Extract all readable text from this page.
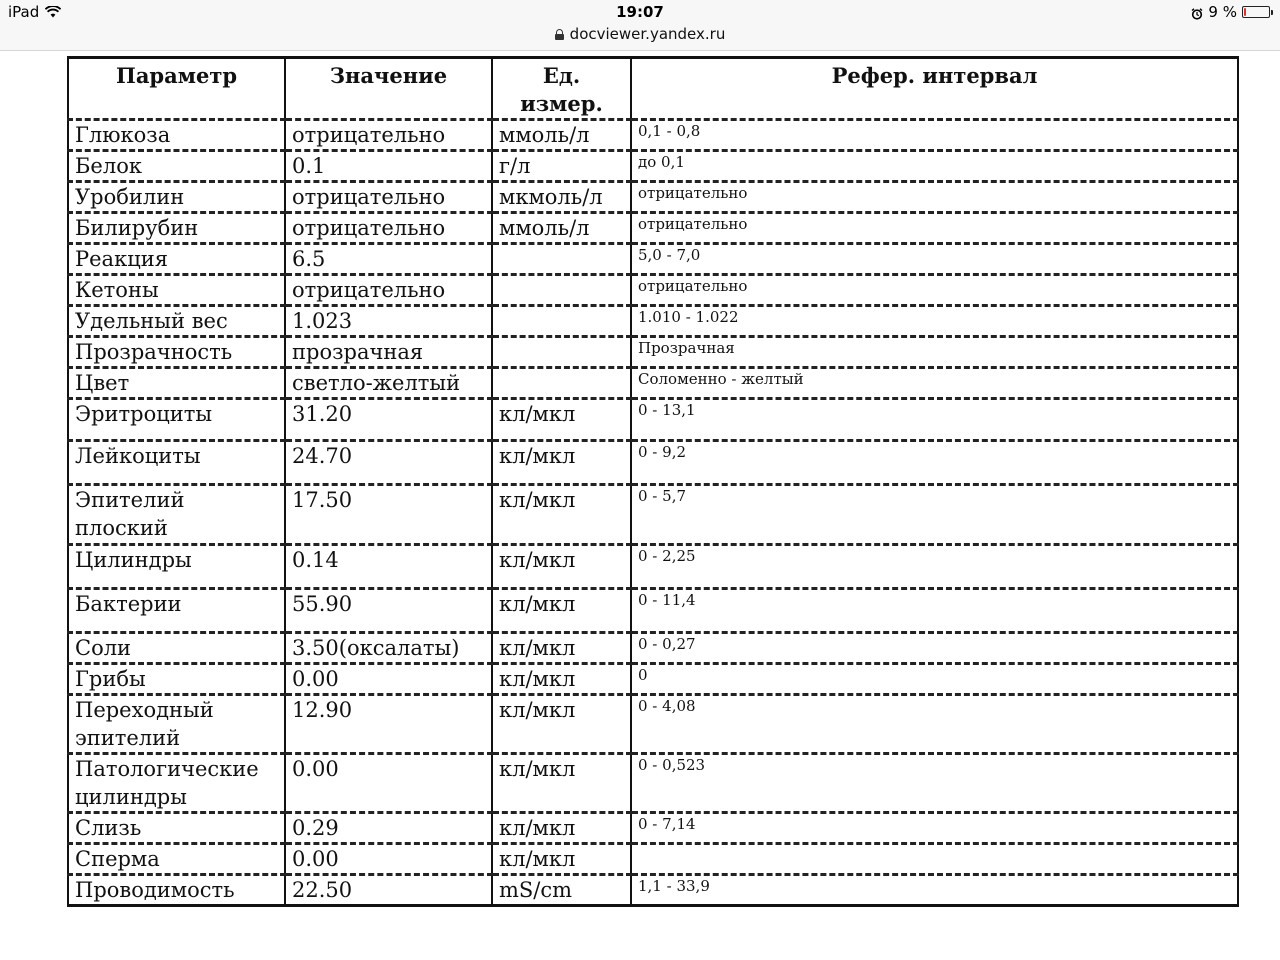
iPad	19:07	9 %
docviewer.yandex.ru
Параметр	Значение	Ед. измер.	Рефер. интервал
Глюкоза	отрицательно	ммоль/л	0,1 - 0,8
Белок	0.1	г/л	до 0,1
Уробилин	отрицательно	мкмоль/л	отрицательно
Билирубин	отрицательно	ммоль/л	отрицательно
Реакция	6.5		5,0 - 7,0
Кетоны	отрицательно		отрицательно
Удельный вес	1.023		1.010 - 1.022
Прозрачность	прозрачная		Прозрачная
Цвет	светло-желтый		Соломенно - желтый
Эритроциты	31.20	кл/мкл	0 - 13,1
Лейкоциты	24.70	кл/мкл	0 - 9,2
Эпителий плоский	17.50	кл/мкл	0 - 5,7
Цилиндры	0.14	кл/мкл	0 - 2,25
Бактерии	55.90	кл/мкл	0 - 11,4
Соли	3.50(оксалаты)	кл/мкл	0 - 0,27
Грибы	0.00	кл/мкл	0
Переходный эпителий	12.90	кл/мкл	0 - 4,08
Патологические цилиндры	0.00	кл/мкл	0 - 0,523
Слизь	0.29	кл/мкл	0 - 7,14
Сперма	0.00	кл/мкл	
Проводимость	22.50	mS/cm	1,1 - 33,9
